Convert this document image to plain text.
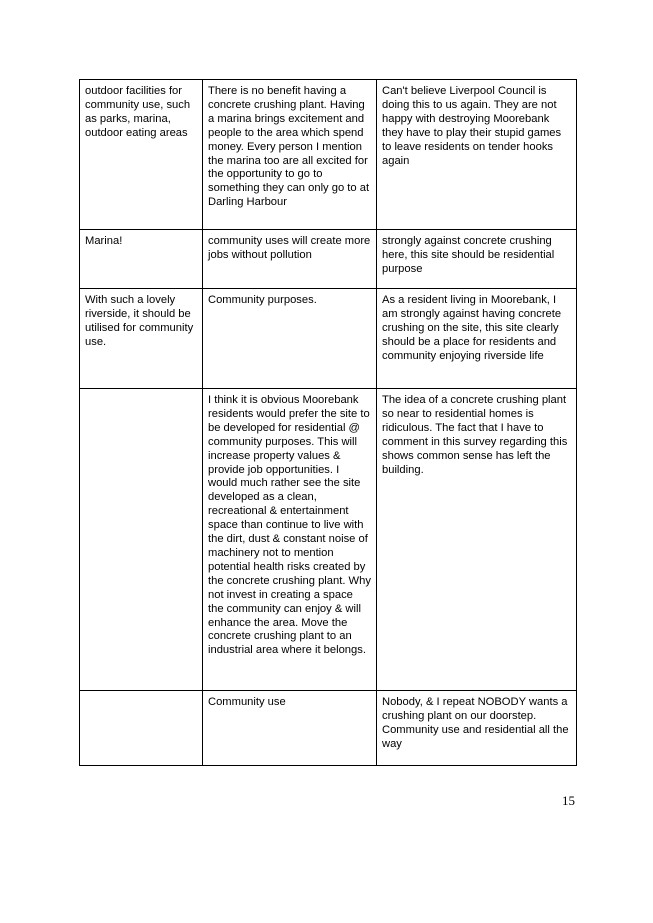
outdoor facilities for community use, such as parks, marina, outdoor eating areas	There is no benefit having a concrete crushing plant. Having a marina brings excitement and people to the area which spend money. Every person I mention the marina too are all excited for the opportunity to go to something they can only go to at Darling Harbour	Can't believe Liverpool Council is doing this to us again. They are not happy with destroying Moorebank they have to play their stupid games to leave residents on tender hooks again
Marina!	community uses will create more jobs without pollution	strongly against concrete crushing here, this site should be residential purpose
With such a lovely riverside, it should be utilised for community use.	Community purposes.	As a resident living in Moorebank, I am strongly against having concrete crushing on the site, this site clearly should be a place for residents and community enjoying riverside life
	I think it is obvious Moorebank residents would prefer the site to be developed for residential @ community purposes. This will increase property values & provide job opportunities. I would much rather see the site developed as a clean, recreational & entertainment space than continue to live with the dirt, dust & constant noise of machinery not to mention potential health risks created by the concrete crushing plant. Why not invest in creating a space the community can enjoy & will enhance the area. Move the concrete crushing plant to an industrial area where it belongs.	The idea of a concrete crushing plant so near to residential homes is ridiculous. The fact that I have to comment in this survey regarding this shows common sense has left the building.
	Community use	Nobody, & I repeat NOBODY wants a crushing plant on our doorstep. Community use and residential all the way
15
